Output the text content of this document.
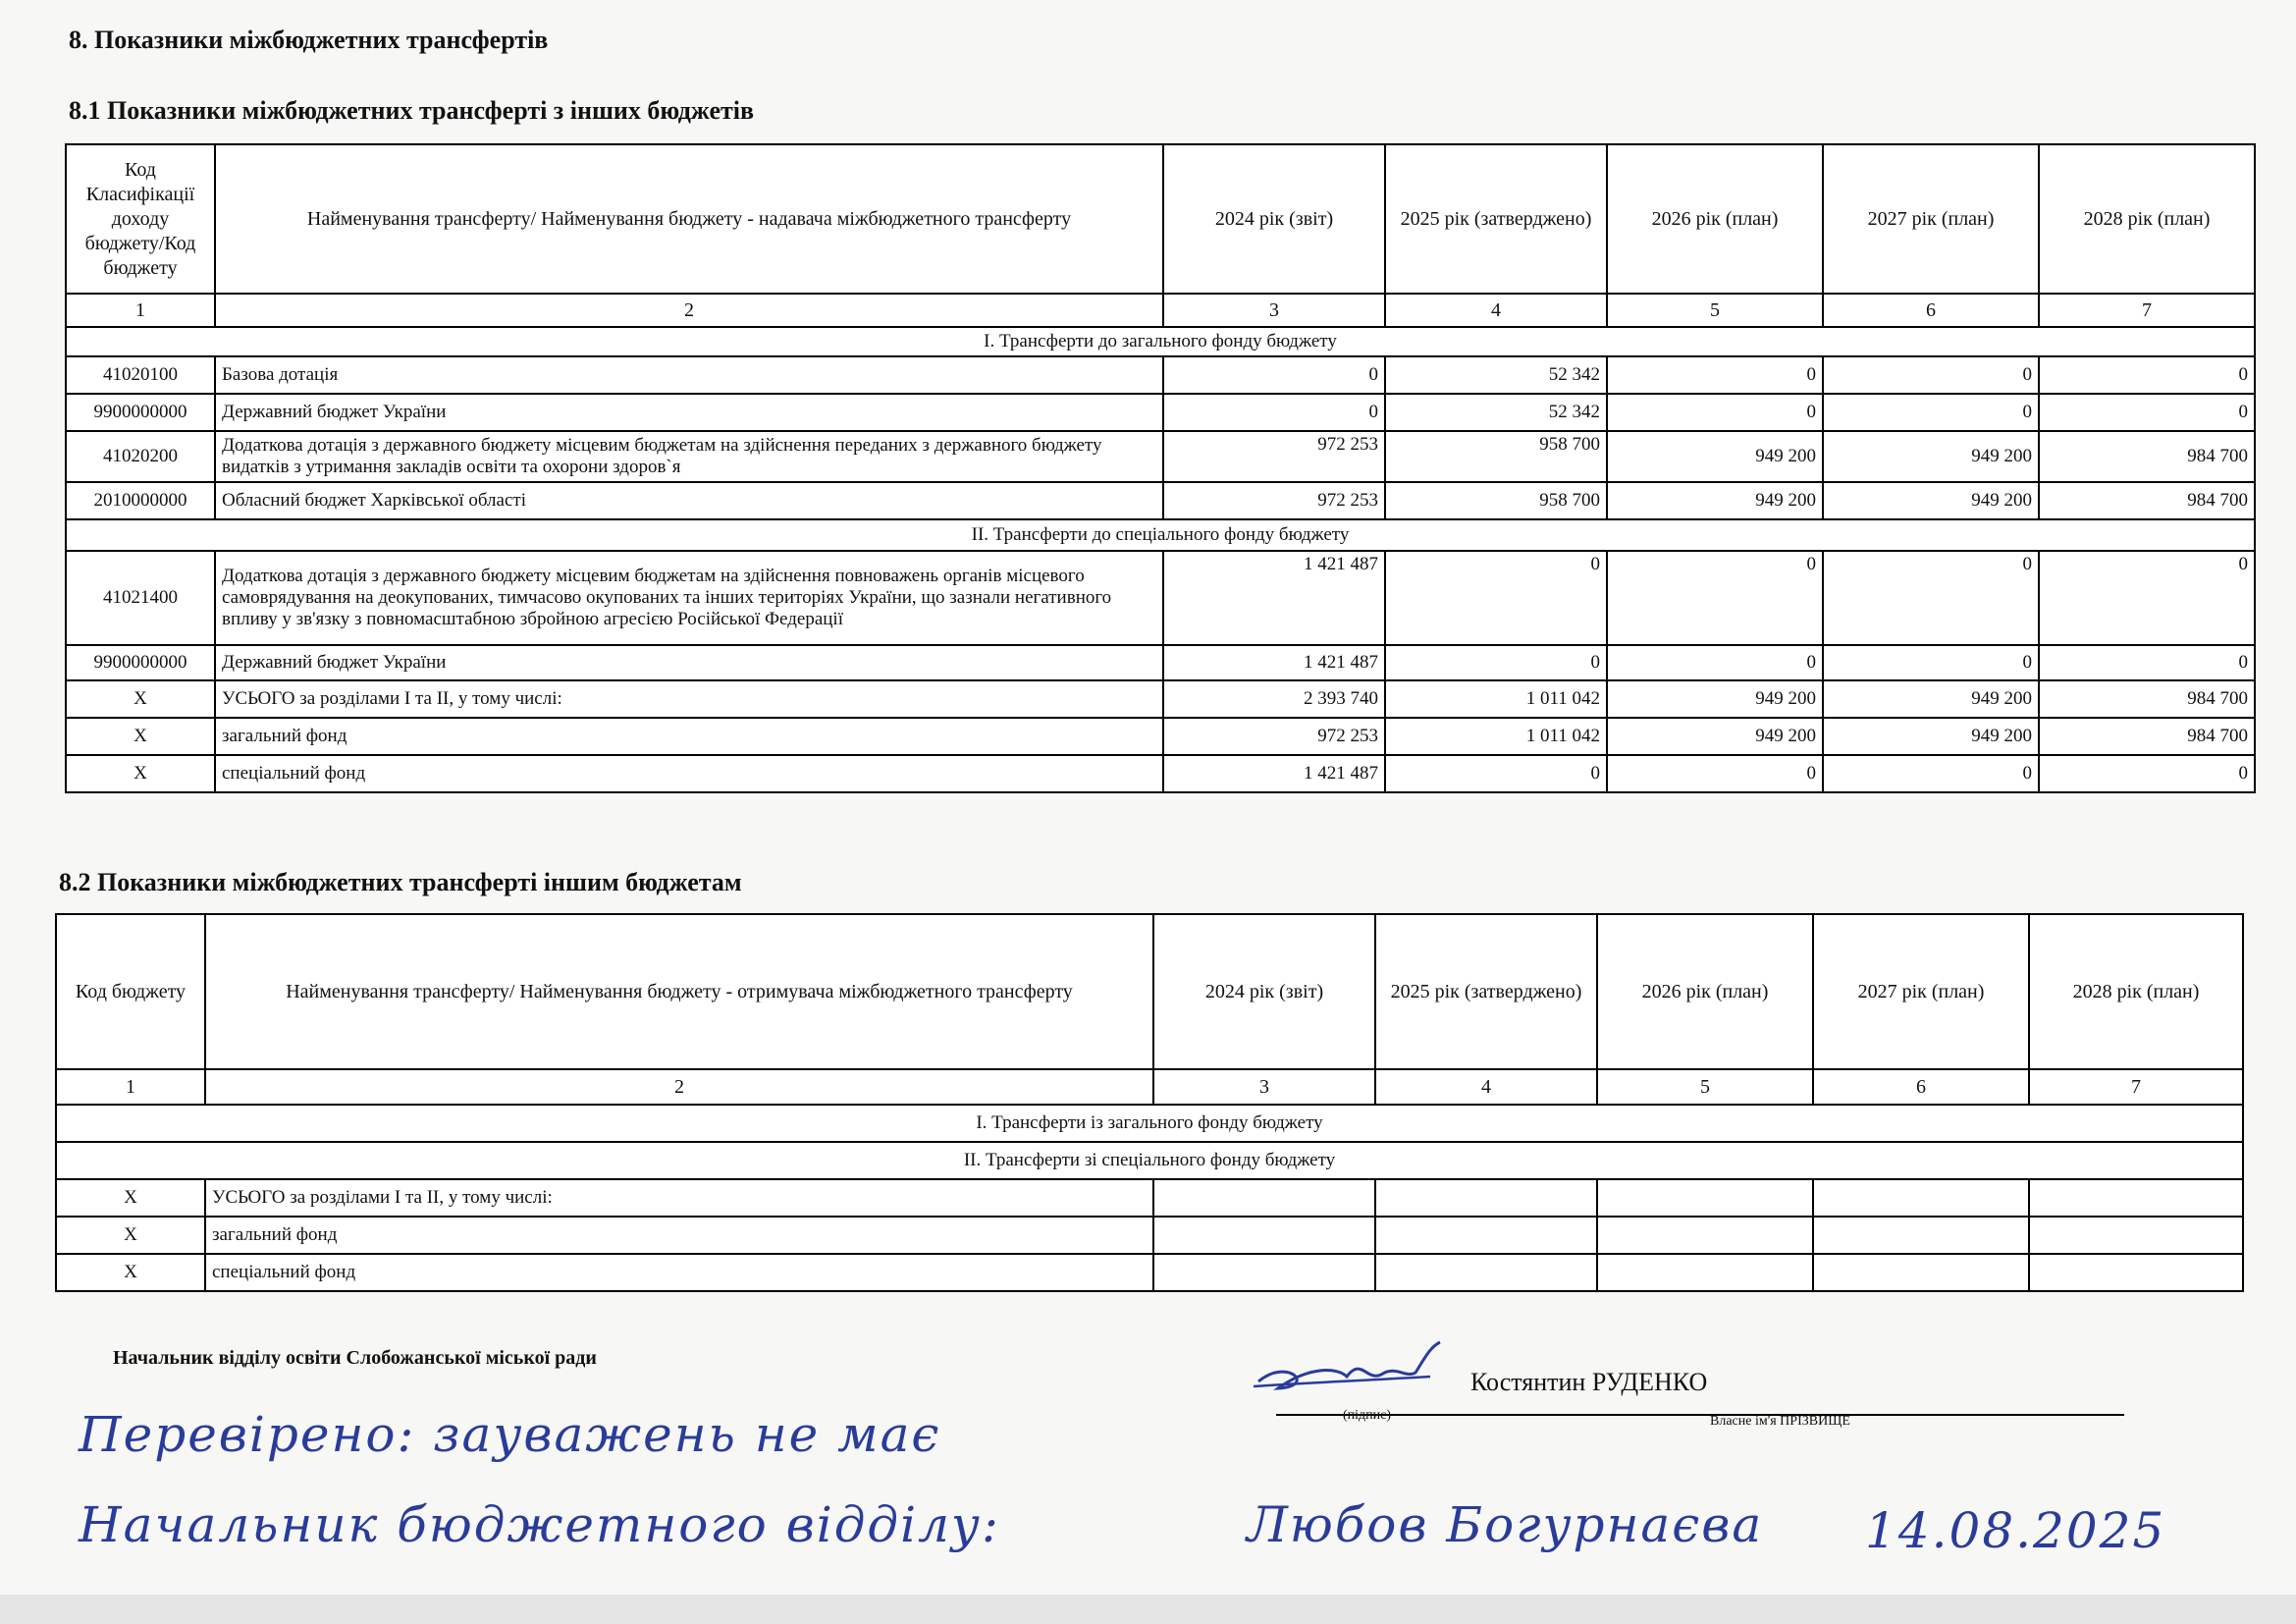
8. Показники міжбюджетних трансфертів
8.1 Показники міжбюджетних трансферті з інших бюджетів
Код Класифікації доходу бюджету/Код бюджету	Найменування трансферту/ Найменування бюджету - надавача міжбюджетного трансферту	2024 рік (звіт)	2025 рік (затверджено)	2026 рік (план)	2027 рік (план)	2028 рік (план)
1	2	3	4	5	6	7
І. Трансферти до загального фонду бюджету						
41020100	Базова дотація	0	52 342	0	0	0
9900000000	Державний бюджет України	0	52 342	0	0	0
41020200	Додаткова дотація з державного бюджету місцевим бюджетам на здійснення переданих з державного бюджету видатків з утримання закладів освіти та охорони здоров`я	972 253	958 700	949 200	949 200	984 700
2010000000	Обласний бюджет Харківської області	972 253	958 700	949 200	949 200	984 700
ІІ. Трансферти до спеціального фонду бюджету						
41021400	Додаткова дотація з державного бюджету місцевим бюджетам на здійснення повноважень органів місцевого самоврядування на деокупованих, тимчасово окупованих та інших територіях України, що зазнали негативного впливу у зв'язку з повномасштабною збройною агресією Російської Федерації	1 421 487	0	0	0	0
9900000000	Державний бюджет України	1 421 487	0	0	0	0
X	УСЬОГО за розділами І та ІІ, у тому числі:	2 393 740	1 011 042	949 200	949 200	984 700
X	загальний фонд	972 253	1 011 042	949 200	949 200	984 700
X	спеціальний фонд	1 421 487	0	0	0	0
8.2 Показники міжбюджетних трансферті іншим бюджетам
Код бюджету	Найменування трансферту/ Найменування бюджету - отримувача міжбюджетного трансферту	2024 рік (звіт)	2025 рік (затверджено)	2026 рік (план)	2027 рік (план)	2028 рік (план)
1	2	3	4	5	6	7
І. Трансферти із загального фонду бюджету						
ІІ. Трансферти зі спеціального фонду бюджету						
X	УСЬОГО за розділами І та ІІ, у тому числі:					
X	загальний фонд					
X	спеціальний фонд					
Начальник відділу освіти Слобожанської міської ради
Костянтин РУДЕНКО
(підпис)	Власне ім'я ПРІЗВИЩЕ
Перевірено: зауважень не має
Начальник бюджетного відділу:	Любов Богурнаєва 14.08.2025
